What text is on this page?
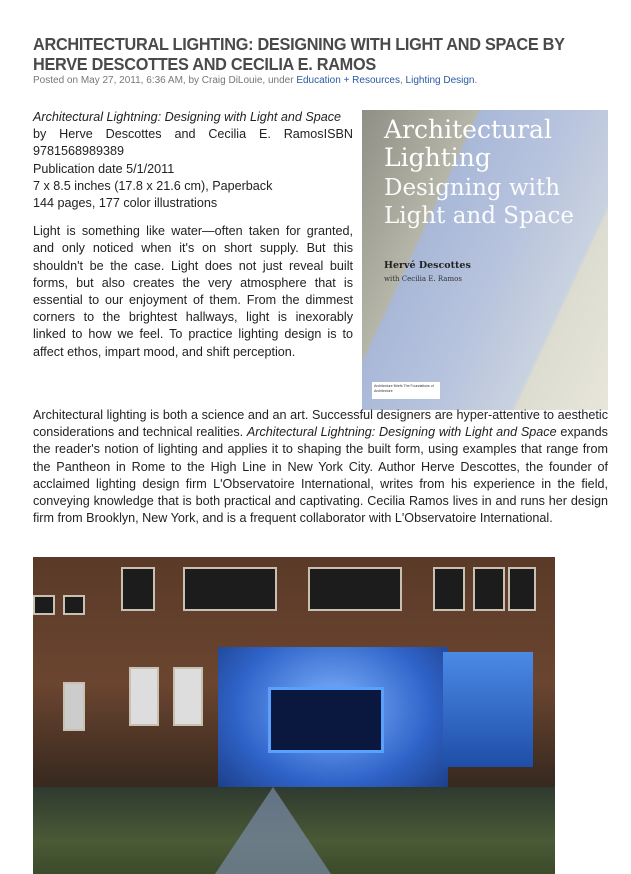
ARCHITECTURAL LIGHTING: DESIGNING WITH LIGHT AND SPACE BY HERVE DESCOTTES AND CECILIA E. RAMOS
Posted on May 27, 2011, 6:36 AM, by Craig DiLouie, under Education + Resources, Lighting Design.

Architectural Lightning: Designing with Light and Space
by Herve Descottes and Cecilia E. RamosISBN 9781568989389
Publication date 5/1/2011
7 x 8.5 inches (17.8 x 21.6 cm), Paperback
144 pages, 177 color illustrations

Light is something like water—often taken for granted, and only noticed when it's on short supply. But this shouldn't be the case. Light does not just reveal built forms, but also creates the very atmosphere that is essential to our enjoyment of them. From the dimmest corners to the brightest hallways, light is inexorably linked to how we feel. To practice lighting design is to affect ethos, impart mood, and shift perception.

Architectural Lighting
Designing with Light and Space
Hervé Descottes
with Cecilia E. Ramos
Architecture Briefs The Foundations of Architecture

Architectural lighting is both a science and an art. Successful designers are hyper-attentive to aesthetic considerations and technical realities. Architectural Lightning: Designing with Light and Space expands the reader's notion of lighting and applies it to shaping the built form, using examples that range from the Pantheon in Rome to the High Line in New York City. Author Herve Descottes, the founder of acclaimed lighting design firm L'Observatoire International, writes from his experience in the field, conveying knowledge that is both practical and captivating. Cecilia Ramos lives in and runs her design firm from Brooklyn, New York, and is a frequent collaborator with L'Observatoire International.
